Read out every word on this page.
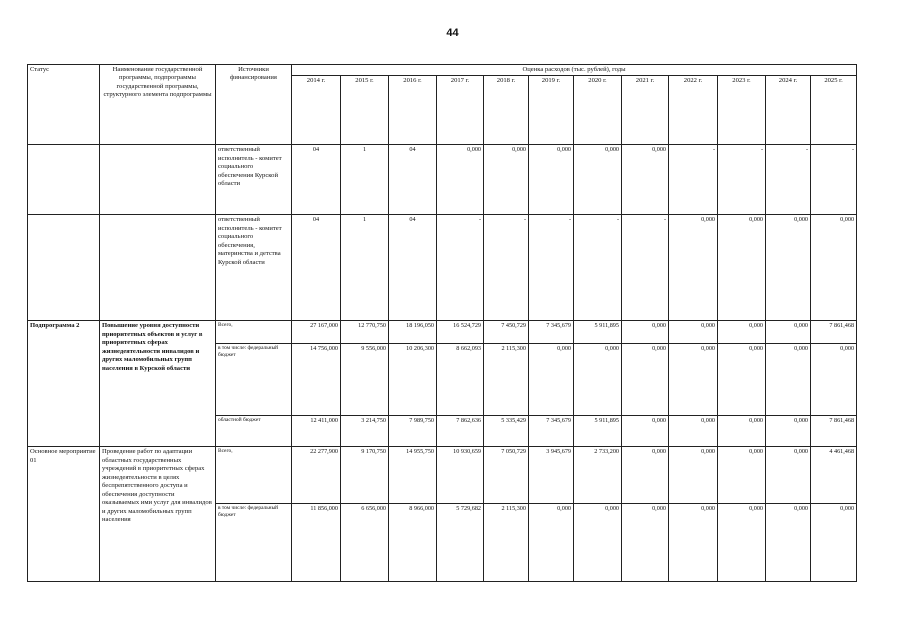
44
Статус	Наименование государственной программы, подпрограммы государственной программы, структурного элемента подпрограммы	Источники финансирования	Оценка расходов (тыс. рублей), годы											
			2014 г.	2015 г.	2016 г.	2017 г.	2018 г.	2019 г.	2020 г.	2021 г.	2022 г.	2023 г.	2024 г.	2025 г.
		ответственный исполнитель - комитет социального обеспечения Курской области	04	1	04	0,000	0,000	0,000	0,000	0,000	-	-	-	-
		ответственный исполнитель - комитет социального обеспечения, материнства и детства Курской области	04	1	04	-	-	-	-	-	0,000	0,000	0,000	0,000
Подпрограмма 2	Повышение уровня доступности приоритетных объектов и услуг в приоритетных сферах жизнедеятельности инвалидов и других маломобильных групп населения в Курской области	Всего,	27 167,000	12 770,750	18 196,050	16 524,729	7 450,729	7 345,679	5 911,895	0,000	0,000	0,000	0,000	7 861,468
		в том числе: федеральный бюджет	14 756,000	9 556,000	10 206,300	8 662,093	2 115,300	0,000	0,000	0,000	0,000	0,000	0,000	0,000
		областной бюджет	12 411,000	3 214,750	7 989,750	7 862,636	5 335,429	7 345,679	5 911,895	0,000	0,000	0,000	0,000	7 861,468
Основное мероприятие 01	Проведение работ по адаптации областных государственных учреждений в приоритетных сферах жизнедеятельности в целях беспрепятственного доступа и обеспечения доступности оказываемых ими услуг для инвалидов и других маломобильных групп населения	Всего,	22 277,900	9 170,750	14 955,750	10 930,659	7 050,729	3 945,679	2 733,200	0,000	0,000	0,000	0,000	4 461,468
		в том числе: федеральный бюджет	11 856,000	6 656,000	8 966,000	5 729,682	2 115,300	0,000	0,000	0,000	0,000	0,000	0,000	0,000
